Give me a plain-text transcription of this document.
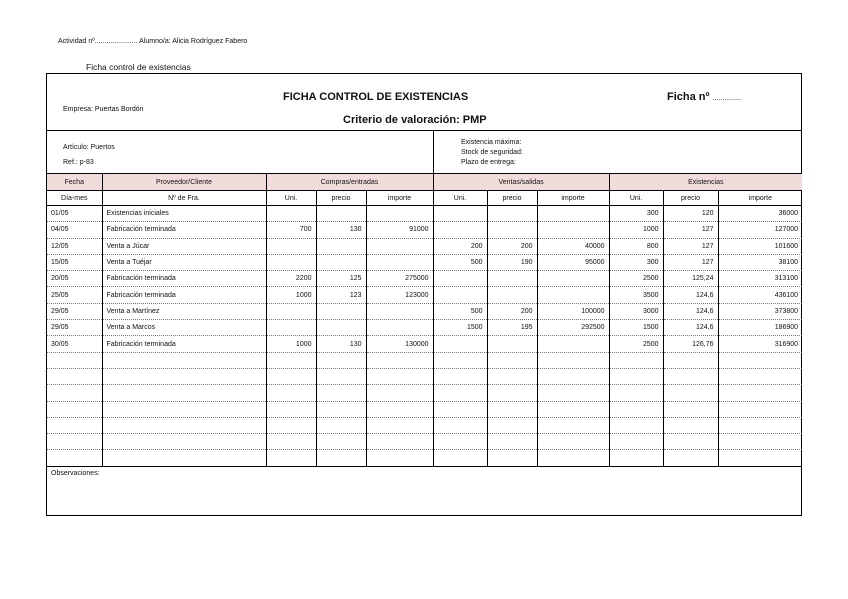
Actividad nº...................... Alumno/a: Alicia Rodríguez Fabero
Ficha control de existencias
FICHA CONTROL DE EXISTENCIAS	Ficha nº ...............
Empresa: Puertas Bordón
Criterio de valoración: PMP
Artículo: Puertos
Ref.: p-83
Existencia máxima:
Stock de seguridad:
Plazo de entrega:
Fecha	Proveedor/Cliente	Compras/entradas			Ventas/salidas			Existencias		
Día-mes	Nº de Fra.	Uni.	precio	importe	Uni.	precio	importe	Uni.	precio	importe
01/05	Existencias iniciales							300	120	36000
04/05	Fabricación terminada	700	130	91000				1000	127	127000
12/05	Venta a Júcar				200	200	40000	800	127	101600
15/05	Venta a Tuéjar				500	190	95000	300	127	38100
20/05	Fabricación terminada	2200	125	275000				2500	125,24	313100
25/05	Fabricación terminada	1000	123	123000				3500	124,6	436100
29/05	Venta a Martínez				500	200	100000	3000	124,6	373800
29/05	Venta a Marcos				1500	195	292500	1500	124,6	186900
30/05	Fabricación terminada	1000	130	130000				2500	126,76	316900

Observaciones:
